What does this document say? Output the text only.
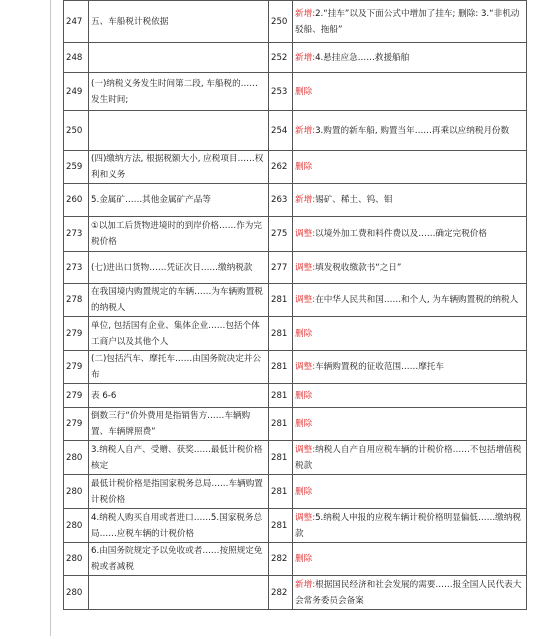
247	五、车船税计税依据	250	新增:2.“挂车”以及下面公式中增加了挂车; 删除: 3.“非机动驳船、拖船”
248		252	新增:4.悬挂应急……救援船舶
249	(一)纳税义务发生时间第二段, 车船税的……发生时间;	253	删除
250		254	新增:3.购置的新车船, 购置当年……再乘以应纳税月份数
259	(四)缴纳方法, 根据税额大小, 应税项目……权利和义务	262	删除
260	5.金属矿……其他金属矿产品等	263	新增:锡矿、稀土、钨、钼
273	①以加工后货物进境时的到岸价格……作为完税价格	275	调整:以境外加工费和料件费以及……确定完税价格
273	(七)进出口货物……凭证次日……缴纳税款	277	调整:填发税收缴款书“之日”
278	在我国境内购置规定的车辆……为车辆购置税的纳税人	281	调整:在中华人民共和国……和个人, 为车辆购置税的纳税人
279	单位, 包括国有企业、集体企业……包括个体工商户以及其他个人	281	删除
279	(二)包括汽车、摩托车……由国务院决定并公布	281	调整:车辆购置税的征收范围……摩托车
279	表 6-6	281	删除
279	倒数三行“价外费用是指销售方……车辆购置、车辆牌照费”	281	删除
280	3.纳税人自产、受赠、获奖……最低计税价格核定	281	调整:纳税人自产自用应税车辆的计税价格……不包括增值税税款
280	最低计税价格是指国家税务总局……车辆购置计税价格	281	删除
280	4.纳税人购买自用或者进口……5.国家税务总局……应税车辆的计税价格	281	调整:5.纳税人申报的应税车辆计税价格明显偏低……缴纳税款
280	6.由国务院规定予以免收或者……按照规定免税或者减税	282	删除
280		282	新增:根据国民经济和社会发展的需要……报全国人民代表大会常务委员会备案
